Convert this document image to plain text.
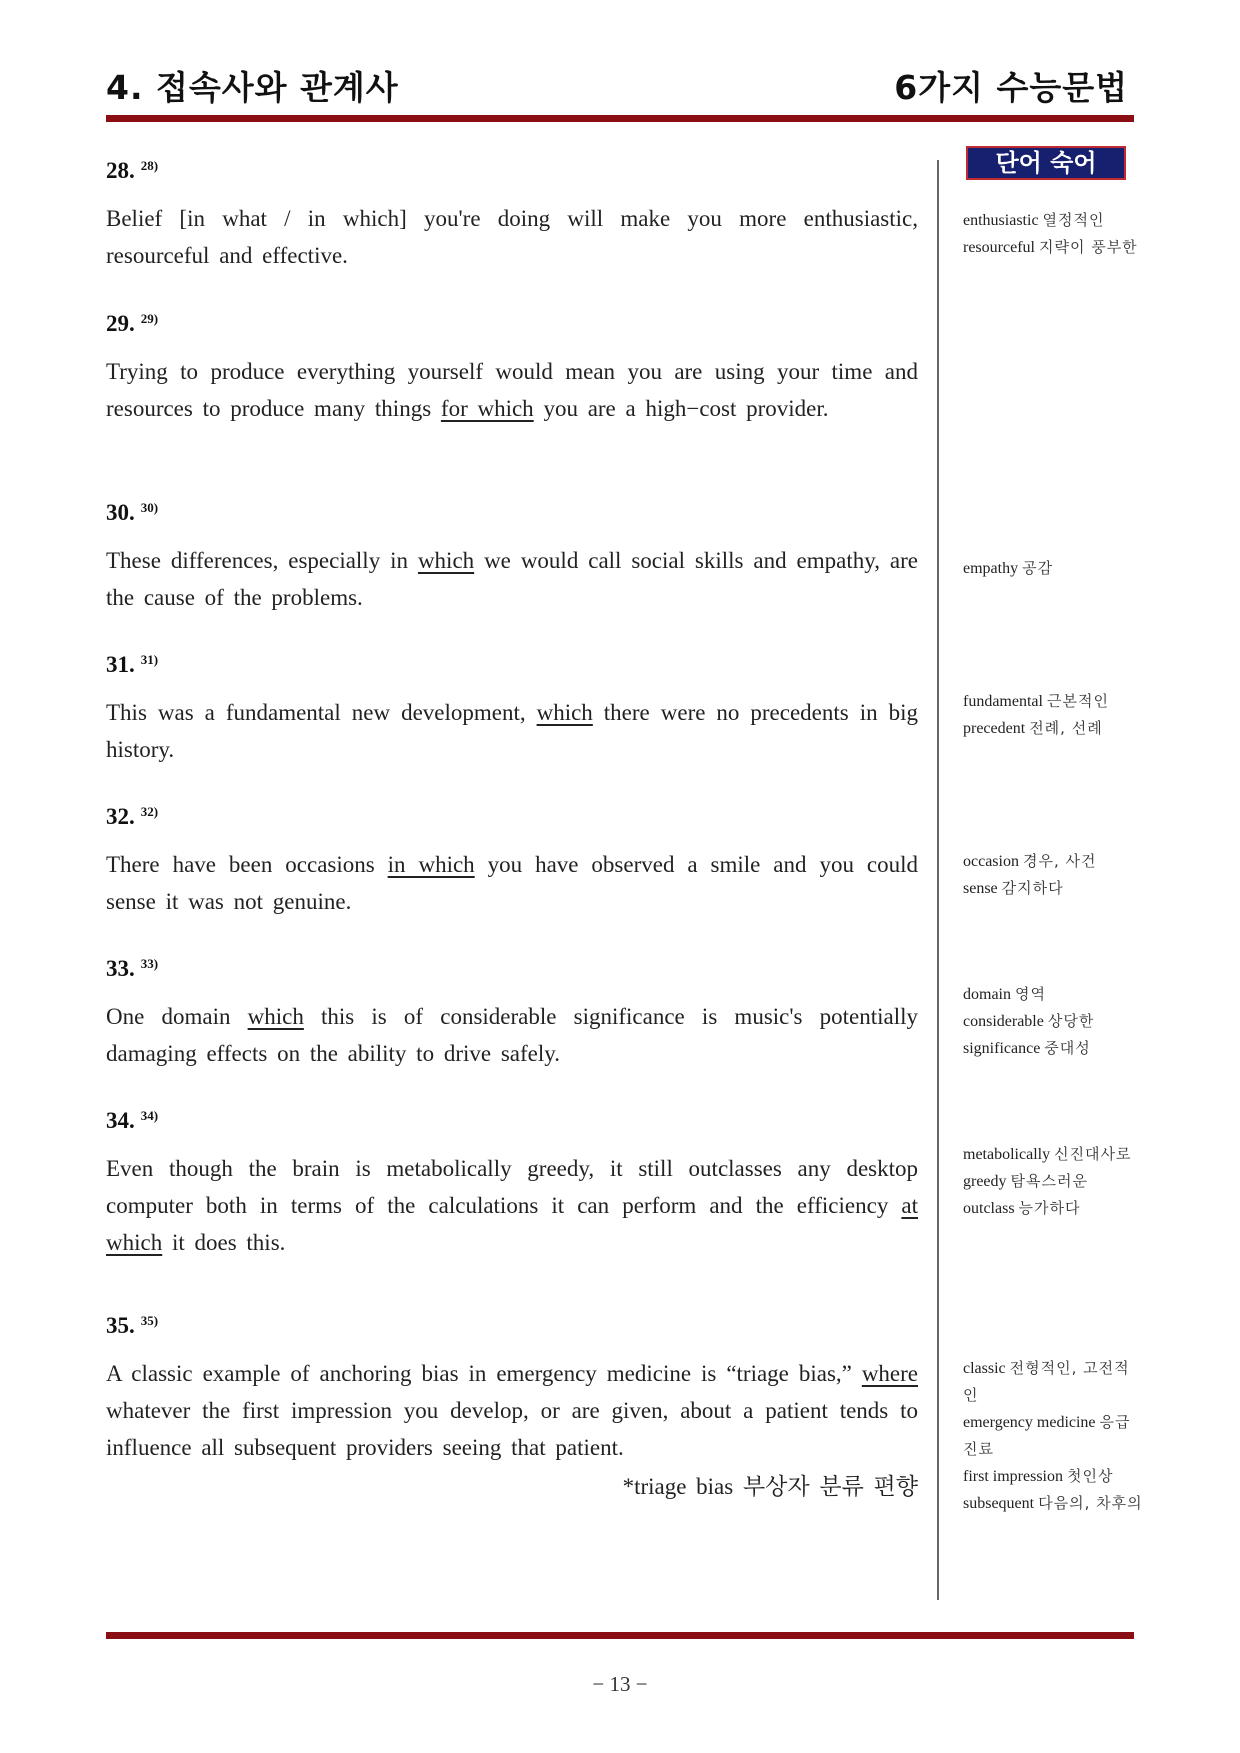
4. 접속사와 관계사	6가지 수능문법
단어 숙어
28. $^{28)}$
Belief [in what / in which] you're doing will make you more enthusiastic, resourceful and effective.
29. $^{29)}$
Trying to produce everything yourself would mean you are using your time and resources to produce many things for which you are a high−cost provider.
30. $^{30)}$
These differences, especially in which we would call social skills and empathy, are the cause of the problems.
31. $^{31)}$
This was a fundamental new development, which there were no precedents in big history.
32. $^{32)}$
There have been occasions in which you have observed a smile and you could sense it was not genuine.
33. $^{33)}$
One domain which this is of considerable significance is music's potentially damaging effects on the ability to drive safely.
34. $^{34)}$
Even though the brain is metabolically greedy, it still outclasses any desktop computer both in terms of the calculations it can perform and the efficiency at which it does this.
35. $^{35)}$
A classic example of anchoring bias in emergency medicine is “triage bias,” where whatever the first impression you develop, or are given, about a patient tends to influence all subsequent providers seeing that patient.
*triage bias 부상자 분류 편향
enthusiastic 열정적인
resourceful 지략이 풍부한
empathy 공감
fundamental 근본적인
precedent 전례, 선례
occasion 경우, 사건
sense 감지하다
domain 영역
considerable 상당한
significance 중대성
metabolically 신진대사로
greedy 탐욕스러운
outclass 능가하다
classic 전형적인, 고전적인
emergency medicine 응급진료
first impression 첫인상
subsequent 다음의, 차후의
− 13 −
